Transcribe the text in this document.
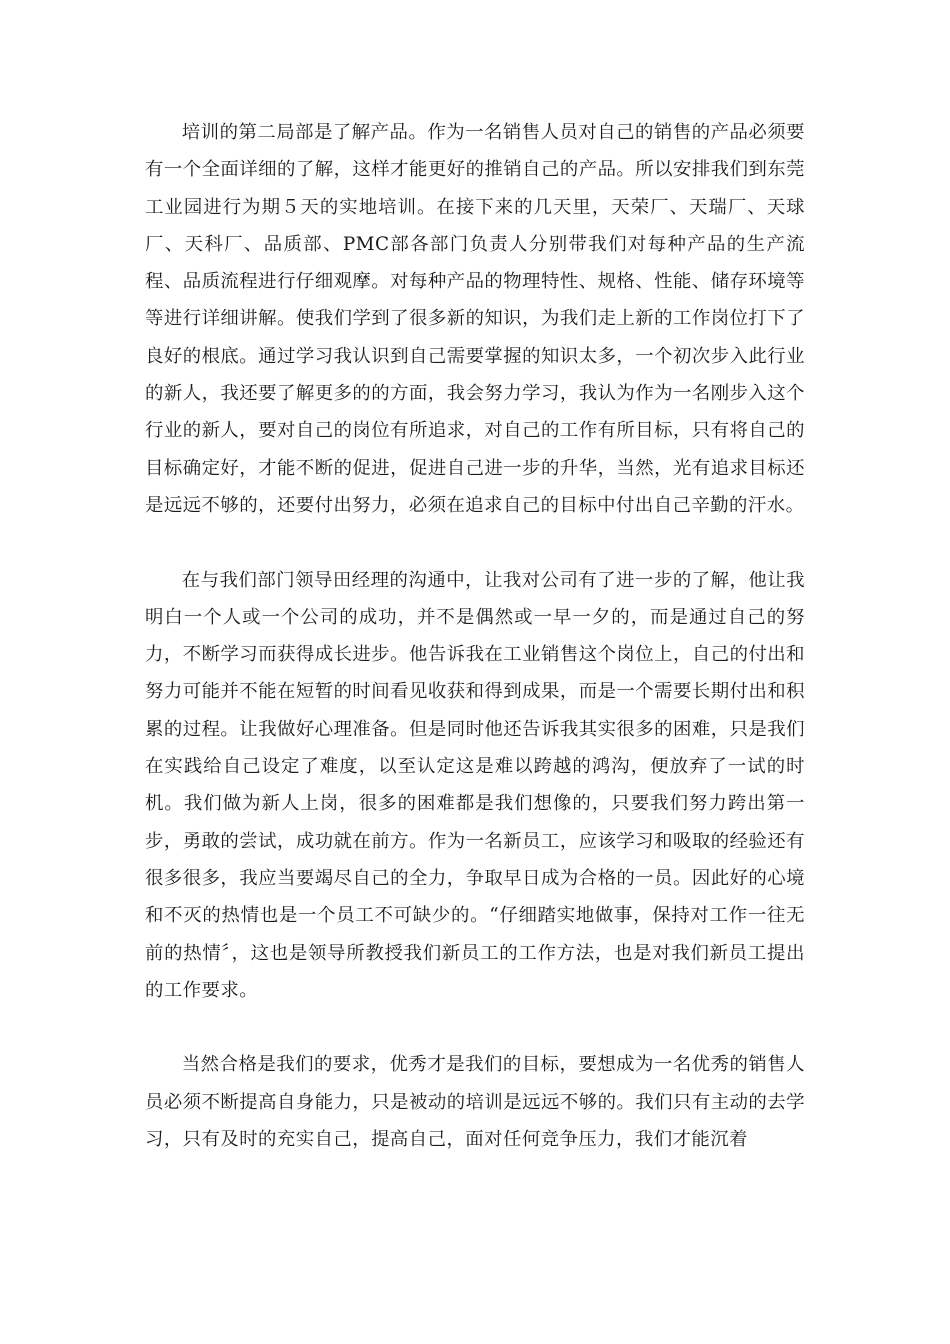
培训的第二局部是了解产品。作为一名销售人员对自己的销售的产品必须要有一个全面详细的了解，这样才能更好的推销自己的产品。所以安排我们到东莞工业园进行为期５天的实地培训。在接下来的几天里，天荣厂、天瑞厂、天球厂、天科厂、品质部、PMC部各部门负责人分别带我们对每种产品的生产流程、品质流程进行仔细观摩。对每种产品的物理特性、规格、性能、储存环境等等进行详细讲解。使我们学到了很多新的知识，为我们走上新的工作岗位打下了良好的根底。通过学习我认识到自己需要掌握的知识太多，一个初次步入此行业的新人，我还要了解更多的的方面，我会努力学习，我认为作为一名刚步入这个行业的新人，要对自己的岗位有所追求，对自己的工作有所目标，只有将自己的目标确定好，才能不断的促进，促进自己进一步的升华，当然，光有追求目标还是远远不够的，还要付出努力，必须在追求自己的目标中付出自己辛勤的汗水。

在与我们部门领导田经理的沟通中，让我对公司有了进一步的了解，他让我明白一个人或一个公司的成功，并不是偶然或一早一夕的，而是通过自己的努力，不断学习而获得成长进步。他告诉我在工业销售这个岗位上，自己的付出和努力可能并不能在短暂的时间看见收获和得到成果，而是一个需要长期付出和积累的过程。让我做好心理准备。但是同时他还告诉我其实很多的困难，只是我们在实践给自己设定了难度，以至认定这是难以跨越的鸿沟，便放弃了一试的时机。我们做为新人上岗，很多的困难都是我们想像的，只要我们努力跨出第一步，勇敢的尝试，成功就在前方。作为一名新员工，应该学习和吸取的经验还有很多很多，我应当要竭尽自己的全力，争取早日成为合格的一员。因此好的心境和不灭的热情也是一个员工不可缺少的。“仔细踏实地做事，保持对工作一往无前的热情〞，这也是领导所教授我们新员工的工作方法，也是对我们新员工提出的工作要求。

当然合格是我们的要求，优秀才是我们的目标，要想成为一名优秀的销售人员必须不断提高自身能力，只是被动的培训是远远不够的。我们只有主动的去学习，只有及时的充实自己，提高自己，面对任何竞争压力，我们才能沉着
